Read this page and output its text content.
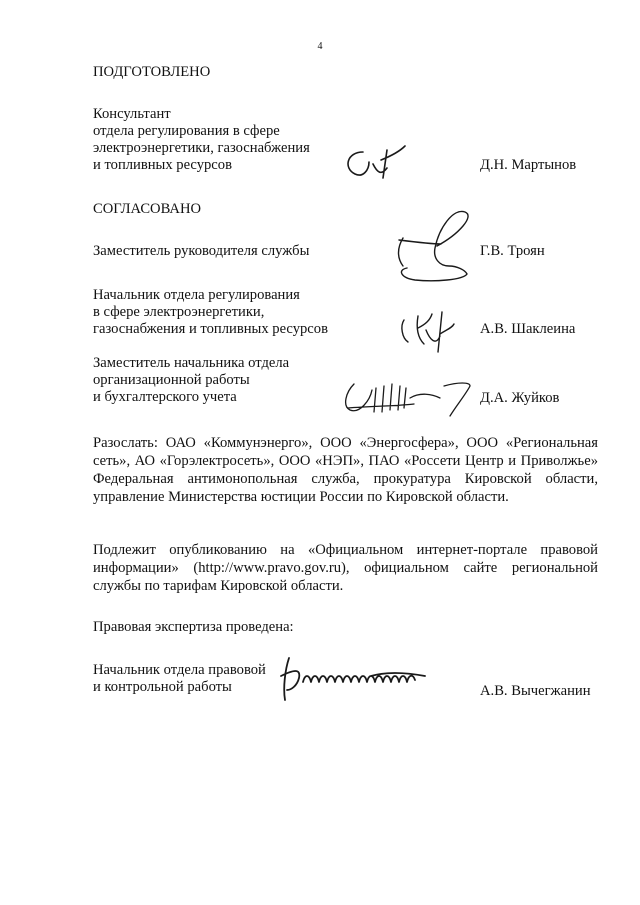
4
ПОДГОТОВЛЕНО
Консультант
отдела регулирования в сфере
электроэнергетики, газоснабжения
и топливных ресурсов	Д.Н. Мартынов
СОГЛАСОВАНО
Заместитель руководителя службы	Г.В. Троян
Начальник отдела регулирования
в сфере электроэнергетики,
газоснабжения и топливных ресурсов	А.В. Шаклеина
Заместитель начальника отдела
организационной работы
и бухгалтерского учета	Д.А. Жуйков
Разослать: ОАО «Коммунэнерго», ООО «Энергосфера», ООО «Региональная сеть», АО «Горэлектросеть», ООО «НЭП», ПАО «Россети Центр и Приволжье» Федеральная антимонопольная служба, прокуратура Кировской области, управление Министерства юстиции России по Кировской области.
Подлежит опубликованию на «Официальном интернет-портале правовой информации» (http://www.pravo.gov.ru), официальном сайте региональной службы по тарифам Кировской области.
Правовая экспертиза проведена:
Начальник отдела правовой
и контрольной работы	А.В. Вычегжанин
